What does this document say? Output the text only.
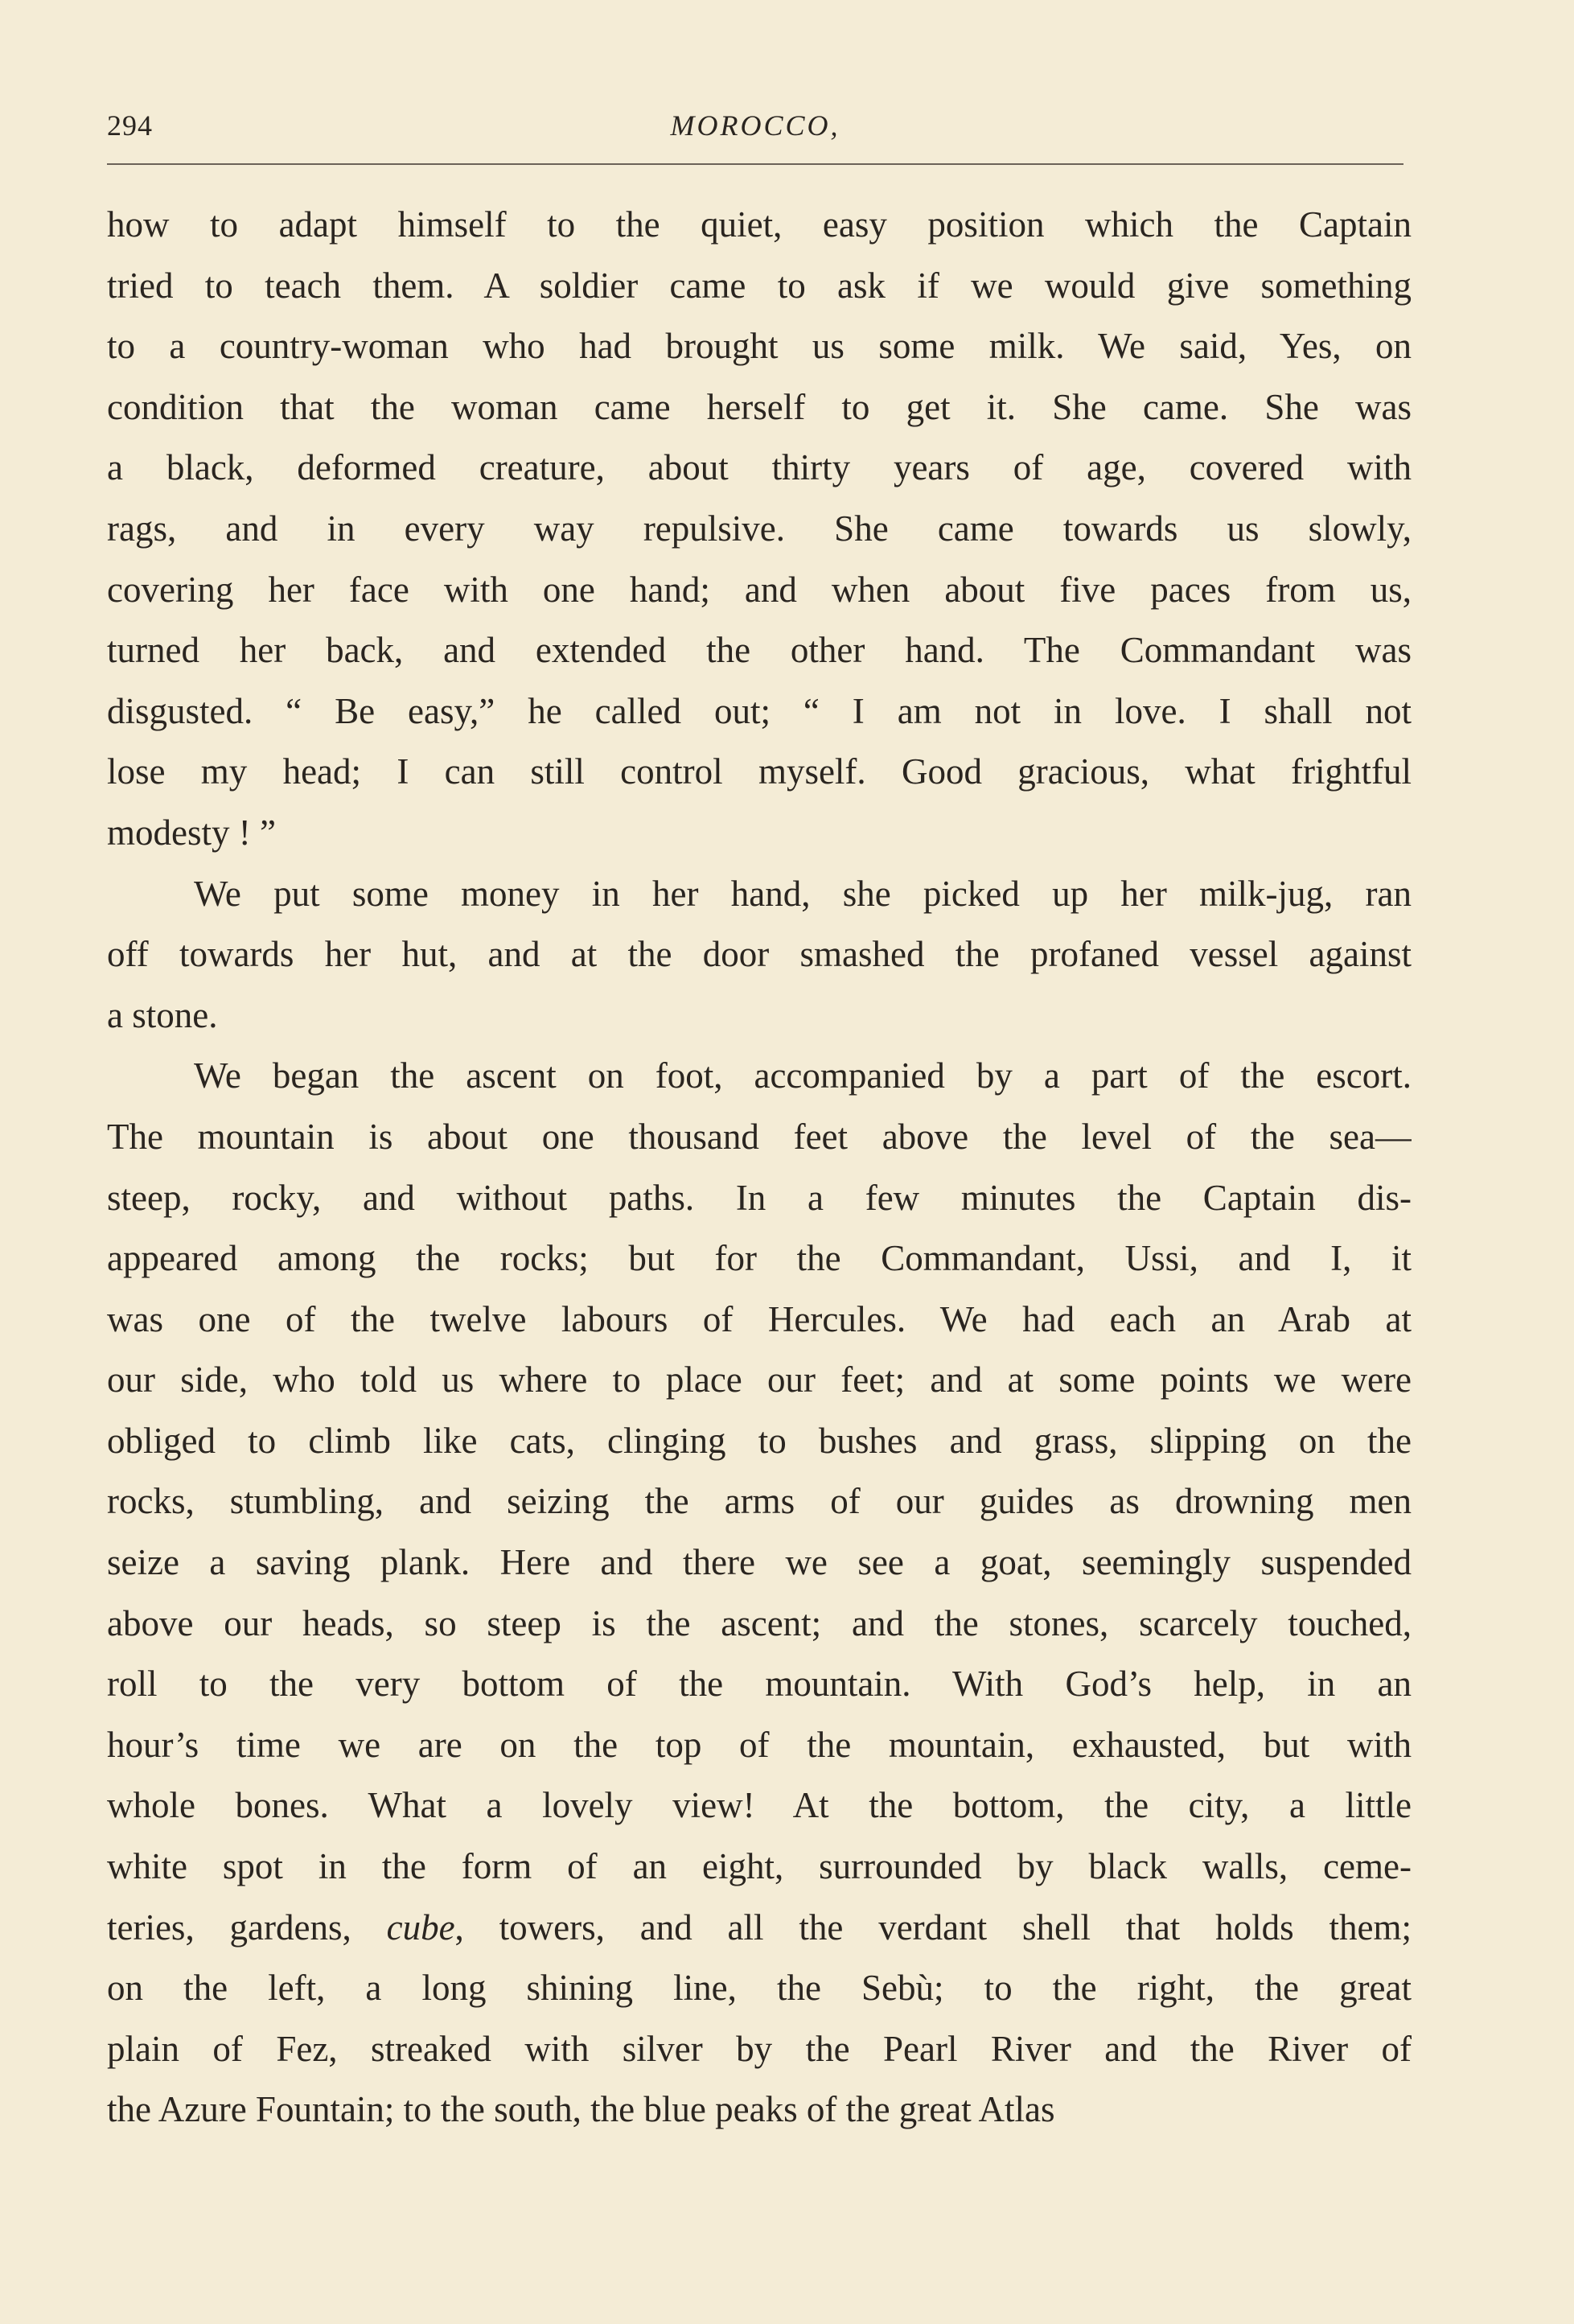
294	MOROCCO,
how to adapt himself to the quiet, easy position which the Captain
tried to teach them. A soldier came to ask if we would give something
to a country-woman who had brought us some milk. We said, Yes, on
condition that the woman came herself to get it. She came. She was
a black, deformed creature, about thirty years of age, covered with
rags, and in every way repulsive. She came towards us slowly,
covering her face with one hand; and when about five paces from us,
turned her back, and extended the other hand. The Commandant was
disgusted. “ Be easy,” he called out; “ I am not in love. I shall not
lose my head; I can still control myself. Good gracious, what frightful
modesty ! ”
We put some money in her hand, she picked up her milk-jug, ran
off towards her hut, and at the door smashed the profaned vessel against
a stone.
We began the ascent on foot, accompanied by a part of the escort.
The mountain is about one thousand feet above the level of the sea—
steep, rocky, and without paths. In a few minutes the Captain dis-
appeared among the rocks; but for the Commandant, Ussi, and I, it
was one of the twelve labours of Hercules. We had each an Arab at
our side, who told us where to place our feet; and at some points we were
obliged to climb like cats, clinging to bushes and grass, slipping on the
rocks, stumbling, and seizing the arms of our guides as drowning men
seize a saving plank. Here and there we see a goat, seemingly suspended
above our heads, so steep is the ascent; and the stones, scarcely touched,
roll to the very bottom of the mountain. With God’s help, in an
hour’s time we are on the top of the mountain, exhausted, but with
whole bones. What a lovely view! At the bottom, the city, a little
white spot in the form of an eight, surrounded by black walls, ceme-
teries, gardens, cube, towers, and all the verdant shell that holds them;
on the left, a long shining line, the Sebù; to the right, the great
plain of Fez, streaked with silver by the Pearl River and the River of
the Azure Fountain; to the south, the blue peaks of the great Atlas
